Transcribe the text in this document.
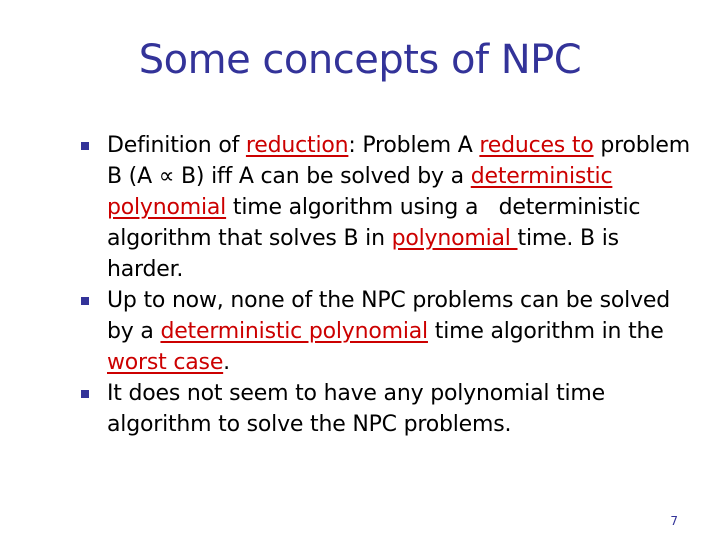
Some concepts of NPC
Definition of reduction: Problem A reduces to problem B (A ∝ B) iff A can be solved by a deterministic polynomial time algorithm using a   deterministic algorithm that solves B in polynomial time. B is harder.
Up to now, none of the NPC problems can be solved by a deterministic polynomial time algorithm in the worst case.
It does not seem to have any polynomial time algorithm to solve the NPC problems.
7
